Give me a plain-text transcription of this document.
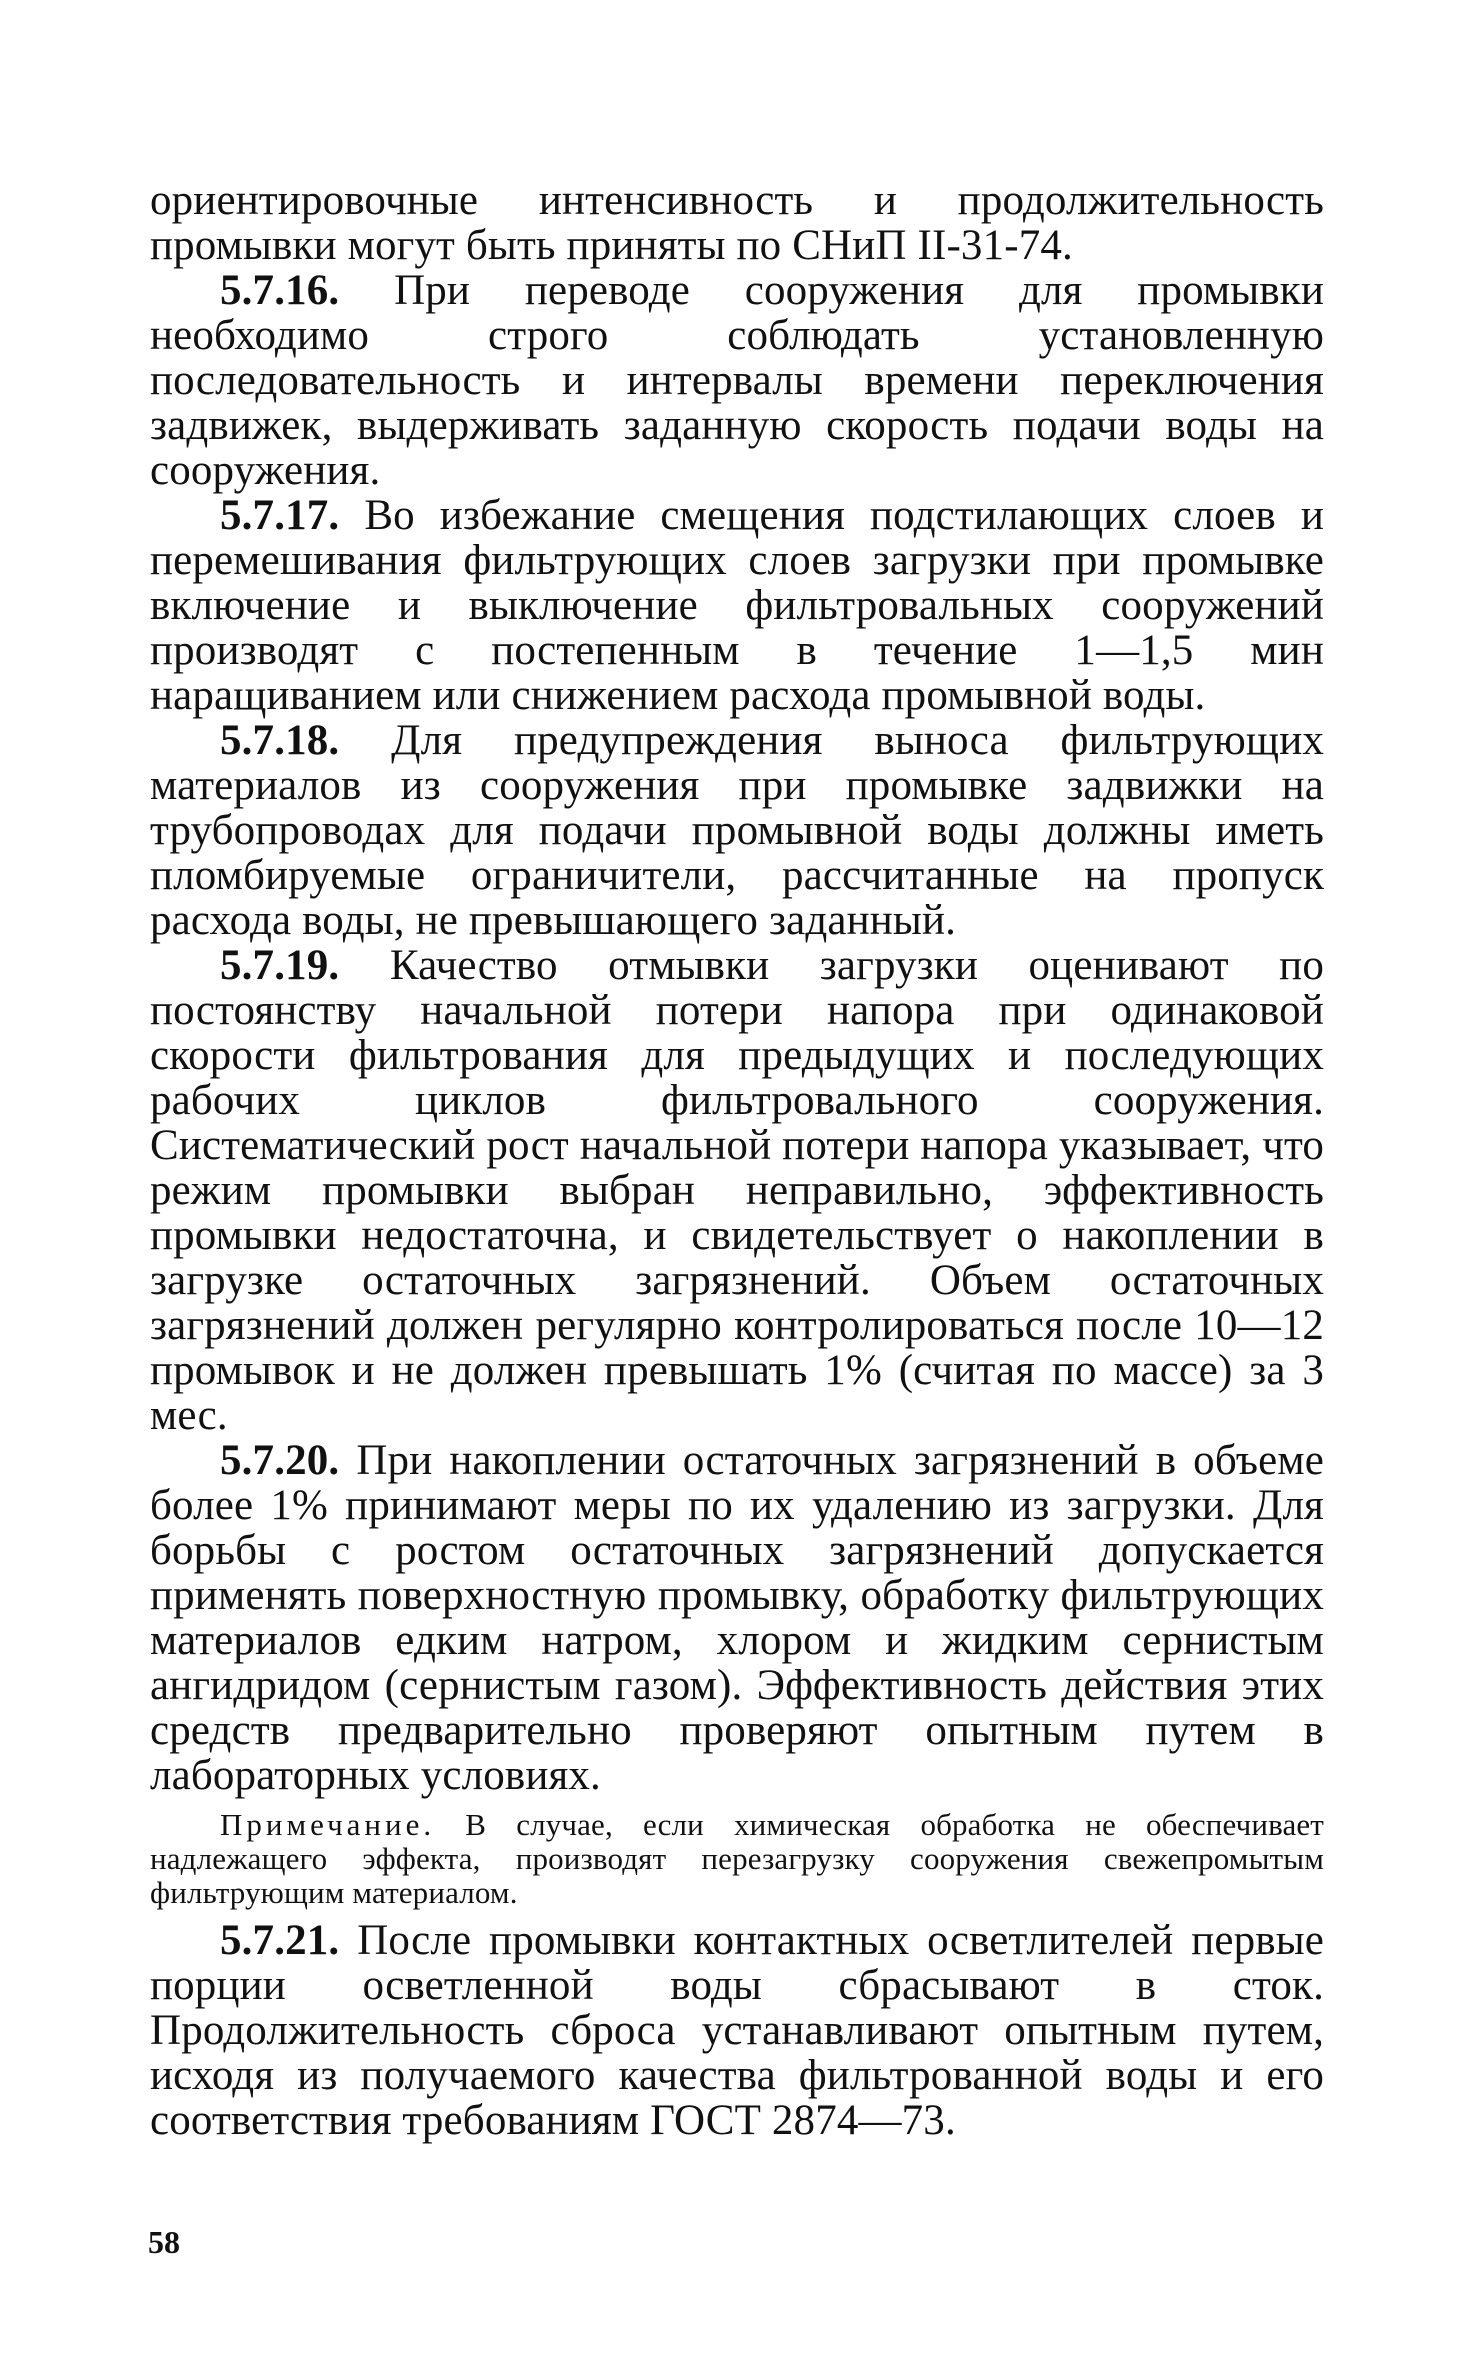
ориентировочные интенсивность и продолжительность промывки могут быть приняты по СНиП II-31-74.

5.7.16. При переводе сооружения для промывки необходимо строго соблюдать установленную последовательность и интервалы времени переключения задвижек, выдерживать заданную скорость подачи воды на сооружения.

5.7.17. Во избежание смещения подстилающих слоев и перемешивания фильтрующих слоев загрузки при промывке включение и выключение фильтровальных сооружений производят с постепенным в течение 1—1,5 мин наращиванием или снижением расхода промывной воды.

5.7.18. Для предупреждения выноса фильтрующих материалов из сооружения при промывке задвижки на трубопроводах для подачи промывной воды должны иметь пломбируемые ограничители, рассчитанные на пропуск расхода воды, не превышающего заданный.

5.7.19. Качество отмывки загрузки оценивают по постоянству начальной потери напора при одинаковой скорости фильтрования для предыдущих и последующих рабочих циклов фильтровального сооружения. Систематический рост начальной потери напора указывает, что режим промывки выбран неправильно, эффективность промывки недостаточна, и свидетельствует о накоплении в загрузке остаточных загрязнений. Объем остаточных загрязнений должен регулярно контролироваться после 10—12 промывок и не должен превышать 1% (считая по массе) за 3 мес.

5.7.20. При накоплении остаточных загрязнений в объеме более 1% принимают меры по их удалению из загрузки. Для борьбы с ростом остаточных загрязнений допускается применять поверхностную промывку, обработку фильтрующих материалов едким натром, хлором и жидким сернистым ангидридом (сернистым газом). Эффективность действия этих средств предварительно проверяют опытным путем в лабораторных условиях.

Примечание. В случае, если химическая обработка не обеспечивает надлежащего эффекта, производят перезагрузку сооружения свежепромытым фильтрующим материалом.

5.7.21. После промывки контактных осветлителей первые порции осветленной воды сбрасывают в сток. Продолжительность сброса устанавливают опытным путем, исходя из получаемого качества фильтрованной воды и его соответствия требованиям ГОСТ 2874—73.

58
